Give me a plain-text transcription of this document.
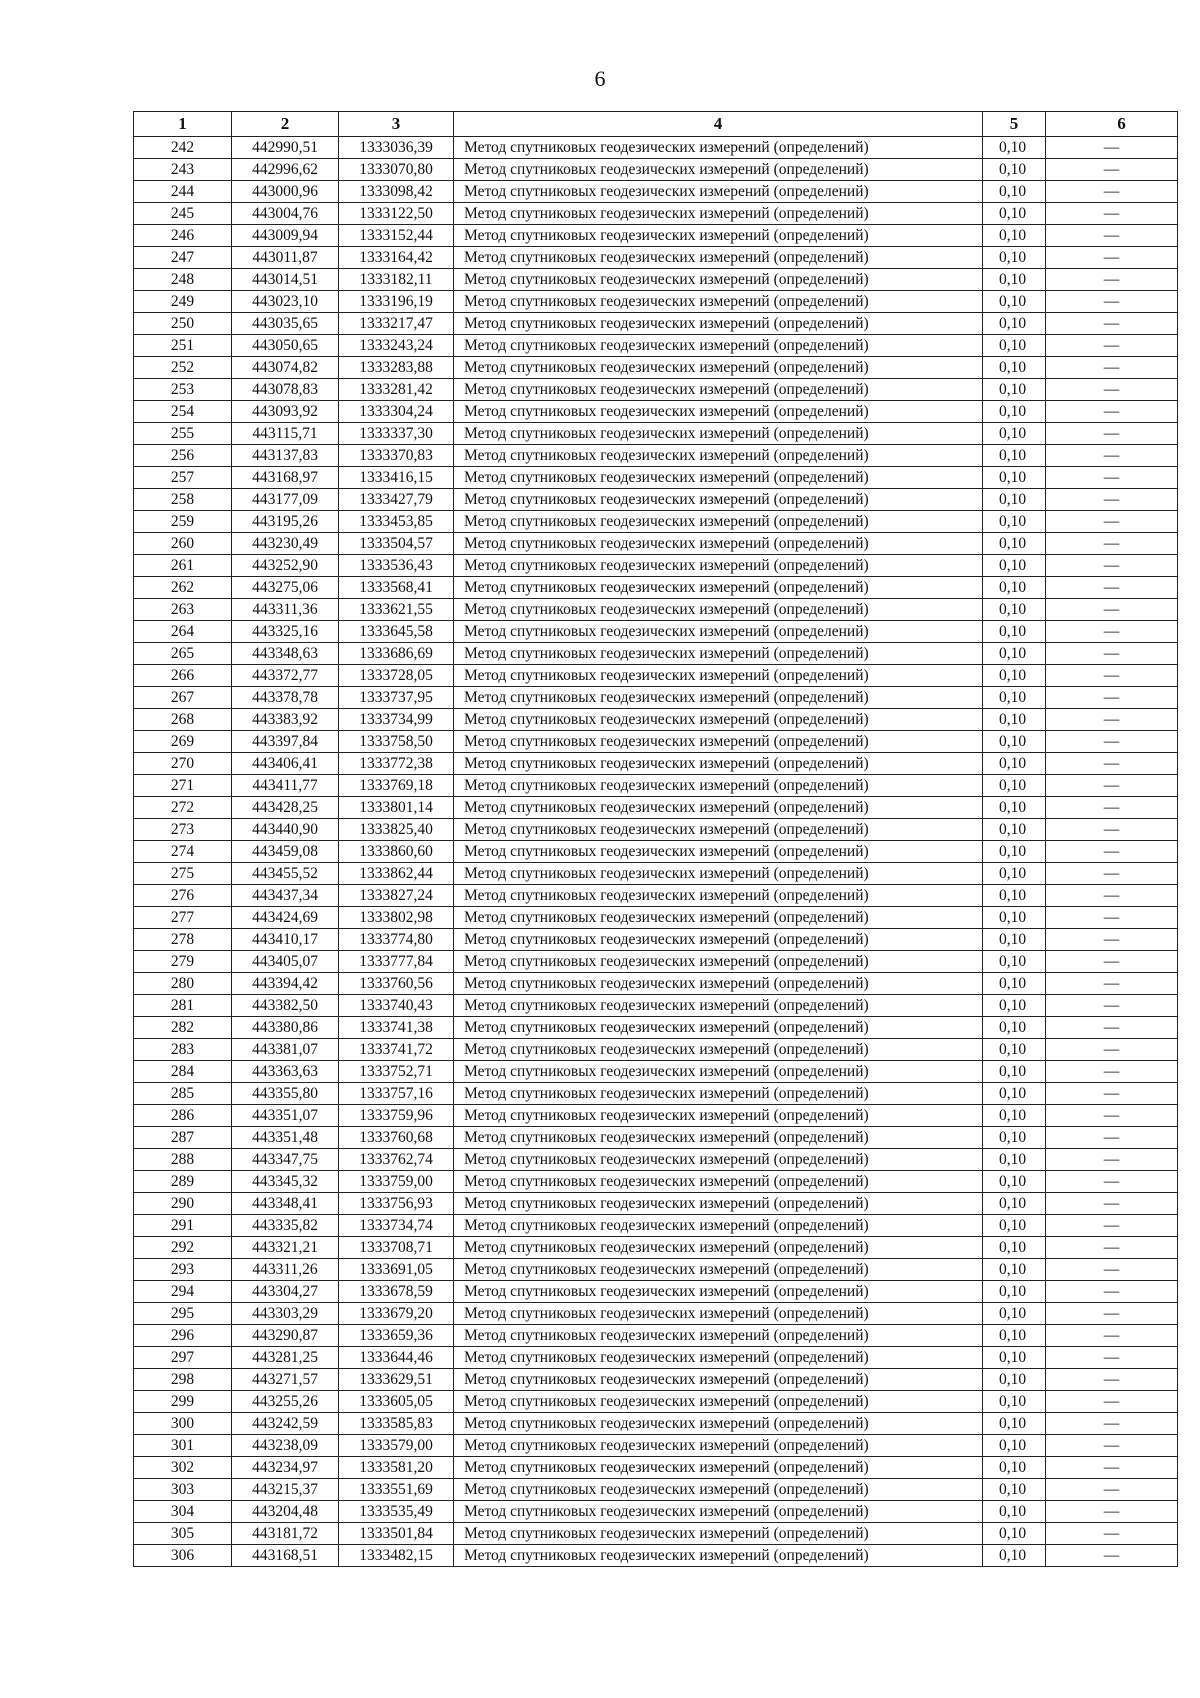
6
1	2	3	4	5	6
242	442990,51	1333036,39	Метод спутниковых геодезических измерений (определений)	0,10	—
243	442996,62	1333070,80	Метод спутниковых геодезических измерений (определений)	0,10	—
244	443000,96	1333098,42	Метод спутниковых геодезических измерений (определений)	0,10	—
245	443004,76	1333122,50	Метод спутниковых геодезических измерений (определений)	0,10	—
246	443009,94	1333152,44	Метод спутниковых геодезических измерений (определений)	0,10	—
247	443011,87	1333164,42	Метод спутниковых геодезических измерений (определений)	0,10	—
248	443014,51	1333182,11	Метод спутниковых геодезических измерений (определений)	0,10	—
249	443023,10	1333196,19	Метод спутниковых геодезических измерений (определений)	0,10	—
250	443035,65	1333217,47	Метод спутниковых геодезических измерений (определений)	0,10	—
251	443050,65	1333243,24	Метод спутниковых геодезических измерений (определений)	0,10	—
252	443074,82	1333283,88	Метод спутниковых геодезических измерений (определений)	0,10	—
253	443078,83	1333281,42	Метод спутниковых геодезических измерений (определений)	0,10	—
254	443093,92	1333304,24	Метод спутниковых геодезических измерений (определений)	0,10	—
255	443115,71	1333337,30	Метод спутниковых геодезических измерений (определений)	0,10	—
256	443137,83	1333370,83	Метод спутниковых геодезических измерений (определений)	0,10	—
257	443168,97	1333416,15	Метод спутниковых геодезических измерений (определений)	0,10	—
258	443177,09	1333427,79	Метод спутниковых геодезических измерений (определений)	0,10	—
259	443195,26	1333453,85	Метод спутниковых геодезических измерений (определений)	0,10	—
260	443230,49	1333504,57	Метод спутниковых геодезических измерений (определений)	0,10	—
261	443252,90	1333536,43	Метод спутниковых геодезических измерений (определений)	0,10	—
262	443275,06	1333568,41	Метод спутниковых геодезических измерений (определений)	0,10	—
263	443311,36	1333621,55	Метод спутниковых геодезических измерений (определений)	0,10	—
264	443325,16	1333645,58	Метод спутниковых геодезических измерений (определений)	0,10	—
265	443348,63	1333686,69	Метод спутниковых геодезических измерений (определений)	0,10	—
266	443372,77	1333728,05	Метод спутниковых геодезических измерений (определений)	0,10	—
267	443378,78	1333737,95	Метод спутниковых геодезических измерений (определений)	0,10	—
268	443383,92	1333734,99	Метод спутниковых геодезических измерений (определений)	0,10	—
269	443397,84	1333758,50	Метод спутниковых геодезических измерений (определений)	0,10	—
270	443406,41	1333772,38	Метод спутниковых геодезических измерений (определений)	0,10	—
271	443411,77	1333769,18	Метод спутниковых геодезических измерений (определений)	0,10	—
272	443428,25	1333801,14	Метод спутниковых геодезических измерений (определений)	0,10	—
273	443440,90	1333825,40	Метод спутниковых геодезических измерений (определений)	0,10	—
274	443459,08	1333860,60	Метод спутниковых геодезических измерений (определений)	0,10	—
275	443455,52	1333862,44	Метод спутниковых геодезических измерений (определений)	0,10	—
276	443437,34	1333827,24	Метод спутниковых геодезических измерений (определений)	0,10	—
277	443424,69	1333802,98	Метод спутниковых геодезических измерений (определений)	0,10	—
278	443410,17	1333774,80	Метод спутниковых геодезических измерений (определений)	0,10	—
279	443405,07	1333777,84	Метод спутниковых геодезических измерений (определений)	0,10	—
280	443394,42	1333760,56	Метод спутниковых геодезических измерений (определений)	0,10	—
281	443382,50	1333740,43	Метод спутниковых геодезических измерений (определений)	0,10	—
282	443380,86	1333741,38	Метод спутниковых геодезических измерений (определений)	0,10	—
283	443381,07	1333741,72	Метод спутниковых геодезических измерений (определений)	0,10	—
284	443363,63	1333752,71	Метод спутниковых геодезических измерений (определений)	0,10	—
285	443355,80	1333757,16	Метод спутниковых геодезических измерений (определений)	0,10	—
286	443351,07	1333759,96	Метод спутниковых геодезических измерений (определений)	0,10	—
287	443351,48	1333760,68	Метод спутниковых геодезических измерений (определений)	0,10	—
288	443347,75	1333762,74	Метод спутниковых геодезических измерений (определений)	0,10	—
289	443345,32	1333759,00	Метод спутниковых геодезических измерений (определений)	0,10	—
290	443348,41	1333756,93	Метод спутниковых геодезических измерений (определений)	0,10	—
291	443335,82	1333734,74	Метод спутниковых геодезических измерений (определений)	0,10	—
292	443321,21	1333708,71	Метод спутниковых геодезических измерений (определений)	0,10	—
293	443311,26	1333691,05	Метод спутниковых геодезических измерений (определений)	0,10	—
294	443304,27	1333678,59	Метод спутниковых геодезических измерений (определений)	0,10	—
295	443303,29	1333679,20	Метод спутниковых геодезических измерений (определений)	0,10	—
296	443290,87	1333659,36	Метод спутниковых геодезических измерений (определений)	0,10	—
297	443281,25	1333644,46	Метод спутниковых геодезических измерений (определений)	0,10	—
298	443271,57	1333629,51	Метод спутниковых геодезических измерений (определений)	0,10	—
299	443255,26	1333605,05	Метод спутниковых геодезических измерений (определений)	0,10	—
300	443242,59	1333585,83	Метод спутниковых геодезических измерений (определений)	0,10	—
301	443238,09	1333579,00	Метод спутниковых геодезических измерений (определений)	0,10	—
302	443234,97	1333581,20	Метод спутниковых геодезических измерений (определений)	0,10	—
303	443215,37	1333551,69	Метод спутниковых геодезических измерений (определений)	0,10	—
304	443204,48	1333535,49	Метод спутниковых геодезических измерений (определений)	0,10	—
305	443181,72	1333501,84	Метод спутниковых геодезических измерений (определений)	0,10	—
306	443168,51	1333482,15	Метод спутниковых геодезических измерений (определений)	0,10	—
